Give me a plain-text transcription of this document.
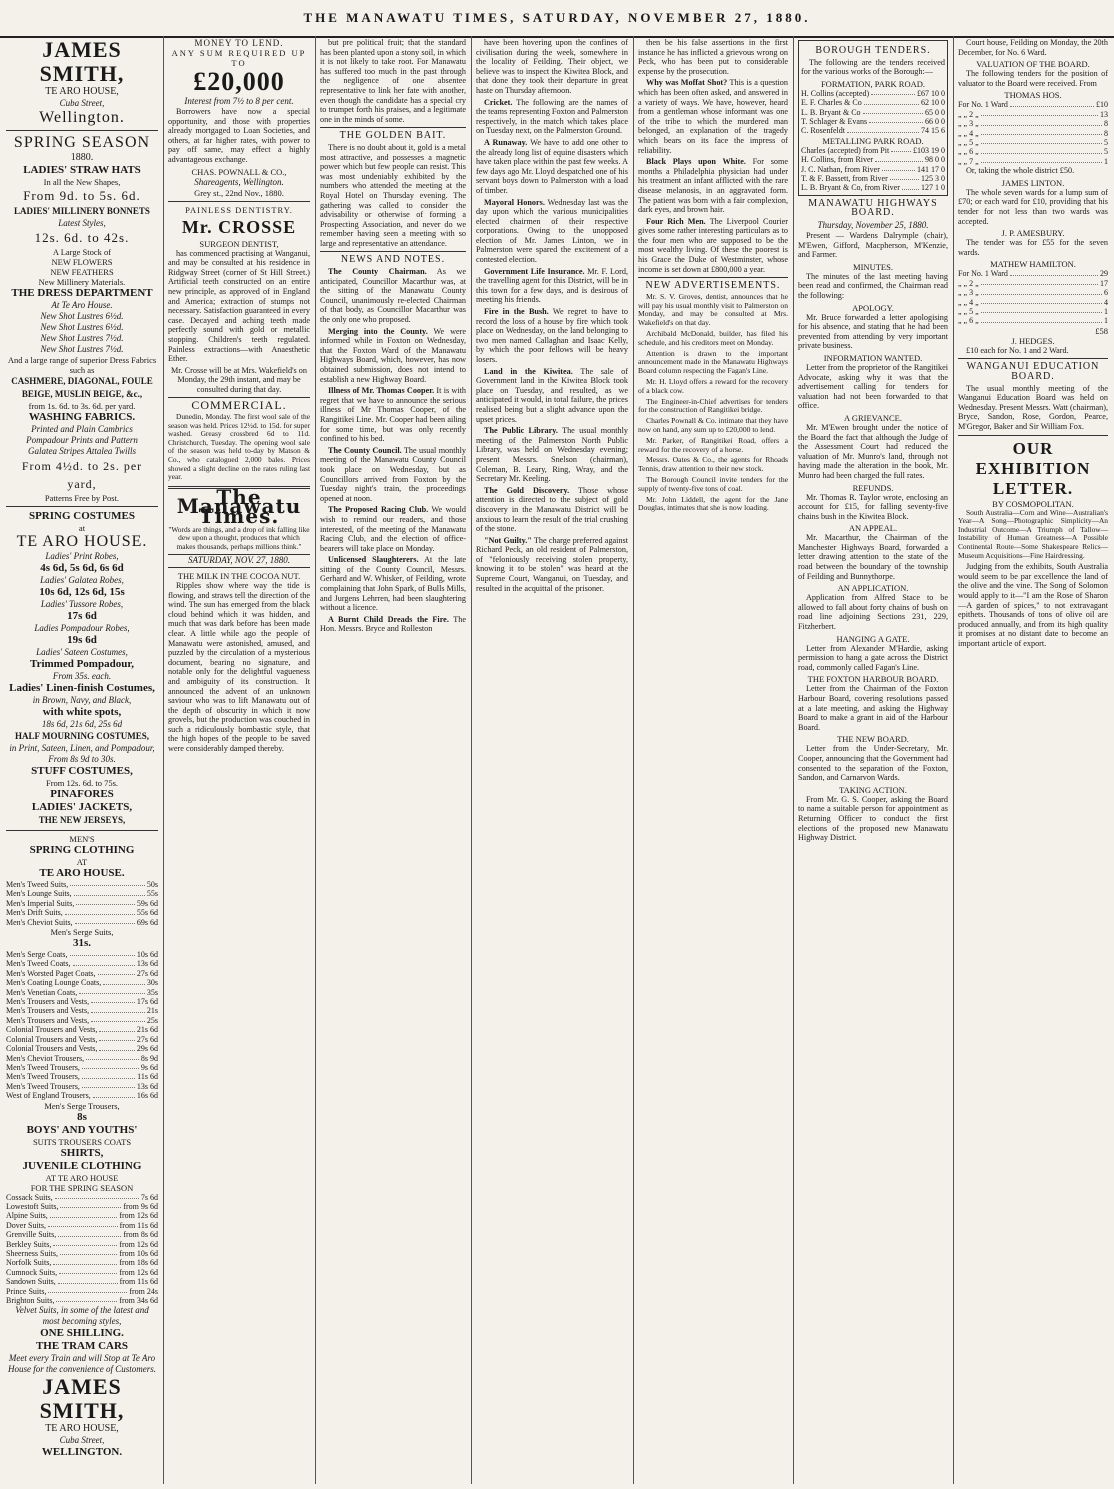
THE MANAWATU TIMES, SATURDAY, NOVEMBER 27, 1880.
JAMES SMITH,
TE ARO HOUSE,
Cuba Street,
Wellington.
SPRING SEASON
1880.
LADIES' STRAW HATS
In all the New Shapes,
From 9d. to 5s. 6d.
LADIES' MILLINERY BONNETS
Latest Styles,
12s. 6d. to 42s.
A Large Stock of
NEW FLOWERS
NEW FEATHERS
New Millinery Materials.
THE DRESS DEPARTMENT
At Te Aro House.
New Shot Lustres 6½d.
New Shot Lustres 6½d.
New Shot Lustres 7½d.
New Shot Lustres 7½d.
And a large range of superior Dress Fabrics such as
CASHMERE, DIAGONAL, FOULE BEIGE, MUSLIN BEIGE, &c.,
from 1s. 6d. to 3s. 6d. per yard.
WASHING FABRICS.
Printed and Plain Cambrics
Pompadour Prints and Pattern
Galatea Stripes Attalea Twills
From 4½d. to 2s. per yard,
Patterns Free by Post.
SPRING COSTUMES
at
TE ARO HOUSE.
Ladies' Print Robes,
4s 6d, 5s 6d, 6s 6d
Ladies' Galatea Robes,
10s 6d, 12s 6d, 15s
Ladies' Tussore Robes,
17s 6d
Ladies Pompadour Robes,
19s 6d
Ladies' Sateen Costumes,
Trimmed Pompadour,
From 35s. each.
Ladies' Linen-finish Costumes,
in Brown, Navy, and Black,
with white spots,
18s 6d, 21s 6d, 25s 6d
HALF MOURNING COSTUMES,
in Print, Sateen, Linen, and Pompadour, From 8s 9d to 30s.
STUFF COSTUMES,
From 12s. 6d. to 75s.
PINAFORES
LADIES' JACKETS,
THE NEW JERSEYS,
MEN'S
SPRING CLOTHING
AT
TE ARO HOUSE.
Men's Tweed Suits,	50s
Men's Lounge Suits,	55s
Men's Imperial Suits,	59s 6d
Men's Drift Suits,	55s 6d
Men's Cheviot Suits,	69s 6d
Men's Serge Suits,
31s.
Men's Serge Coats,	10s 6d
Men's Tweed Coats,	13s 6d
Men's Worsted Paget Coats,	27s 6d
Men's Coating Lounge Coats,	30s
Men's Venetian Coats,	35s
Men's Trousers and Vests,	17s 6d
Men's Trousers and Vests,	21s
Men's Trousers and Vests,	25s
Colonial Trousers and Vests,	21s 6d
Colonial Trousers and Vests,	27s 6d
Colonial Trousers and Vests,	29s 6d
Men's Cheviot Trousers,	8s 9d
Men's Tweed Trousers,	9s 6d
Men's Tweed Trousers,	11s 6d
Men's Tweed Trousers,	13s 6d
West of England Trousers,	16s 6d
Men's Serge Trousers,
8s
BOYS' AND YOUTHS'
SUITS TROUSERS COATS
SHIRTS,
JUVENILE CLOTHING
AT TE ARO HOUSE
FOR THE SPRING SEASON
Cossack Suits,	7s 6d
Lowestoft Suits,	from 9s 6d
Alpine Suits,	from 12s 6d
Dover Suits,	from 11s 6d
Grenville Suits,	from 8s 6d
Berkley Suits,	from 12s 6d
Sheerness Suits,	from 10s 6d
Norfolk Suits,	from 18s 6d
Cumnock Suits,	from 12s 6d
Sandown Suits,	from 11s 6d
Prince Suits,	from 24s
Brighton Suits,	from 34s 6d
Velvet Suits, in some of the latest and most becoming styles,
ONE SHILLING.
THE TRAM CARS
Meet every Train and will Stop at Te Aro House for the convenience of Customers.
JAMES SMITH,
TE ARO HOUSE,
Cuba Street,
WELLINGTON.
MONEY TO LEND.
ANY SUM REQUIRED UP TO
£20,000
Interest from 7½ to 8 per cent.

Borrowers have now a special opportunity, and those with properties already mortgaged to Loan Societies, and others, at far higher rates, with power to pay off same, may effect a highly advantageous exchange.

CHAS. POWNALL & CO.,
Shareagents, Wellington.
Grey st., 22nd Nov., 1880.
PAINLESS DENTISTRY.
Mr. CROSSE
SURGEON DENTIST,

has commenced practising at Wanganui, and may be consulted at his residence in Ridgway Street (corner of St Hill Street.) Artificial teeth constructed on an entire new principle, as approved of in England and America; extraction of stumps not necessary. Satisfaction guaranteed in every case. Decayed and aching teeth made perfectly sound with gold or metallic stopping. Children's teeth regulated. Painless extractions—with Anaesthetic Ether.

Mr. Crosse will be at Mrs. Wakefield's on Monday, the 29th instant, and may be consulted during that day.

COMMERCIAL.

Dunedin, Monday. The first wool sale of the season was held. Prices 12½d. to 15d. for super washed. Greasy crossbred 6d to 11d. Christchurch, Tuesday. The opening wool sale of the season was held to-day by Matson & Co., who catalogued 2,000 bales. Prices showed a slight decline on the rates ruling last year.

The Manawatu Times.

"Words are things, and a drop of ink falling like dew upon a thought, produces that which makes thousands, perhaps millions think."

SATURDAY, NOV. 27, 1880.
THE MILK IN THE COCOA NUT.

Ripples show where way the tide is flowing, and straws tell the direction of the wind. The sun has emerged from the black cloud behind which it was hidden, and much that was dark before has been made clear. A little while ago the people of Manawatu were astonished, amused, and puzzled by the circulation of a mysterious document, bearing no signature, and notable only for the delightful vagueness and ambiguity of its construction. It announced the advent of an unknown saviour who was to lift Manawatu out of the depth of obscurity in which it now grovels, but the production was couched in such a ridiculously bombastic style, that the high hopes of the people to be saved were considerably damped thereby.

but pre political fruit; that the standard has been planted upon a stony soil, in which it is not likely to take root. For Manawatu has suffered too much in the past through the negligence of one absentee representative to link her fate with another, even though the candidate has a special cry to trumpet forth his praises, and a legitimate one in the minds of some.

THE GOLDEN BAIT.

There is no doubt about it, gold is a metal most attractive, and possesses a magnetic power which but few people can resist. This was most undeniably exhibited by the numbers who attended the meeting at the Royal Hotel on Thursday evening. The gathering was called to consider the advisability or otherwise of forming a Prospecting Association, and never do we remember having seen a meeting with so large and representative an attendance.

NEWS AND NOTES.

The County Chairman. As we anticipated, Councillor Macarthur was, at the sitting of the Manawatu County Council, unanimously re-elected Chairman of that body, as Councillor Macarthur was the only one who proposed.

Merging into the County. We were informed while in Foxton on Wednesday, that the Foxton Ward of the Manawatu Highways Board, which, however, has now obtained submission, does not intend to establish a new Highway Board.

Illness of Mr. Thomas Cooper. It is with regret that we have to announce the serious illness of Mr Thomas Cooper, of the Rangitikei Line. Mr. Cooper had been ailing for some time, but was only recently confined to his bed.

The County Council. The usual monthly meeting of the Manawatu County Council took place on Wednesday, but as Councillors arrived from Foxton by the Tuesday night's train, the proceedings opened at noon.

The Proposed Racing Club. We would wish to remind our readers, and those interested, of the meeting of the Manawatu Racing Club, and the election of office-bearers will take place on Monday.

Unlicensed Slaughterers. At the late sitting of the County Council, Messrs. Gerhard and W. Whisker, of Feilding, wrote complaining that John Spark, of Bulls Mills, and Jurgens Lehrren, had been slaughtering without a licence.

A Burnt Child Dreads the Fire. The Hon. Messrs. Bryce and Rolleston

have been hovering upon the confines of civilisation during the week, somewhere in the locality of Feilding. Their object, we believe was to inspect the Kiwitea Block, and that done they took their departure in great haste on Thursday afternoon.

Cricket. The following are the names of the teams representing Foxton and Palmerston respectively, in the match which takes place on Tuesday next, on the Palmerston Ground.

A Runaway. We have to add one other to the already long list of equine disasters which have taken place within the past few weeks. A few days ago Mr. Lloyd despatched one of his servant boys down to Palmerston with a load of timber.

Mayoral Honors. Wednesday last was the day upon which the various municipalities elected chairmen of their respective corporations. Owing to the unopposed election of Mr. James Linton, we in Palmerston were spared the excitement of a contested election.

Government Life Insurance. Mr. F. Lord, the travelling agent for this District, will be in this town for a few days, and is desirous of meeting his friends.

Fire in the Bush. We regret to have to record the loss of a house by fire which took place on Wednesday, on the land belonging to two men named Callaghan and Isaac Kelly, by which the poor fellows will be heavy losers.

Land in the Kiwitea. The sale of Government land in the Kiwitea Block took place on Tuesday, and resulted, as we anticipated it would, in total failure, the prices realised being but a slight advance upon the upset prices.

The Public Library. The usual monthly meeting of the Palmerston North Public Library, was held on Wednesday evening; present Messrs. Snelson (chairman), Coleman, B. Leary, Ring, Wray, and the Secretary Mr. Keeling.

The Gold Discovery. Those whose attention is directed to the subject of gold discovery in the Manawatu District will be anxious to learn the result of the trial crushing of the stone.

"Not Guilty." The charge preferred against Richard Peck, an old resident of Palmerston, of "feloniously receiving stolen property, knowing it to be stolen" was heard at the Supreme Court, Wanganui, on Tuesday, and resulted in the acquittal of the prisoner.

then be his false assertions in the first instance he has inflicted a grievous wrong on Peck, who has been put to considerable expense by the prosecution.

Why was Moffat Shot? This is a question which has been often asked, and answered in a variety of ways. We have, however, heard from a gentleman whose informant was one of the tribe to which the murdered man belonged, an explanation of the tragedy which bears on its face the impress of reliability.

Black Plays upon White. For some months a Philadelphia physician had under his treatment an infant afflicted with the rare disease melanosis, in an aggravated form. The patient was born with a fair complexion, dark eyes, and brown hair.

Four Rich Men. The Liverpool Courier gives some rather interesting particulars as to the four men who are supposed to be the most wealthy living. Of these the poorest is his Grace the Duke of Westminster, whose income is set down at £800,000 a year.

NEW ADVERTISEMENTS.

Mr. S. V. Groves, dentist, announces that he will pay his usual monthly visit to Palmerston on Monday, and may be consulted at Mrs. Wakefield's on that day.

Archibald McDonald, builder, has filed his schedule, and his creditors meet on Monday.

Attention is drawn to the important announcement made in the Manawatu Highways Board column respecting the Fagan's Line.

Mr. H. Lloyd offers a reward for the recovery of a black cow.

The Engineer-in-Chief advertises for tenders for the construction of Rangitikei bridge.

Charles Pownall & Co. intimate that they have now on hand, any sum up to £20,000 to lend.

Mr. Parker, of Rangitikei Road, offers a reward for the recovery of a horse.

Messrs. Oates & Co., the agents for Rhoads Tennis, draw attention to their new stock.

The Borough Council invite tenders for the supply of twenty-five tons of coal.

Mr. John Liddell, the agent for the Jane Douglas, intimates that she is now loading.

BOROUGH TENDERS.

The following are the tenders received for the various works of the Borough:—

FORMATION, PARK ROAD.
H. Collins (accepted)	£67 10 0
E. F. Charles & Co	62 10 0
L. B. Bryant & Co	65 0 0
T. Schlager & Evans	66 0 0
C. Rosenfeldt	74 15 6
METALLING PARK ROAD.
Charles (accepted) from Pit	£103 19 0
H. Collins, from River	98 0 0
J. C. Nathan, from River	141 17 0
T. & F. Bassett, from River	125 3 0
L. B. Bryant & Co, from River	127 1 0
MANAWATU HIGHWAYS BOARD.
Thursday, November 25, 1880.

Present — Wardens Dalrymple (chair), M'Ewen, Gifford, Macpherson, M'Kenzie, and Farmer.

MINUTES.

The minutes of the last meeting having been read and confirmed, the Chairman read the following:

APOLOGY.

Mr. Bruce forwarded a letter apologising for his absence, and stating that he had been prevented from attending by very important private business.

INFORMATION WANTED.

Letter from the proprietor of the Rangitikei Advocate, asking why it was that the advertisement calling for tenders for valuation had not been forwarded to that office.

A GRIEVANCE.

Mr. M'Ewen brought under the notice of the Board the fact that although the Judge of the Assessment Court had reduced the valuation of Mr. Munro's land, through not having made the alteration in the book, Mr. Munro had been charged the full rates.

REFUNDS.

Mr. Thomas R. Taylor wrote, enclosing an account for £15, for falling seventy-five chains bush in the Kiwitea Block.

AN APPEAL.

Mr. Macarthur, the Chairman of the Manchester Highways Board, forwarded a letter drawing attention to the state of the road between the boundary of the township of Feilding and Bunnythorpe.

AN APPLICATION.

Application from Alfred Stace to be allowed to fall about forty chains of bush on road line adjoining Sections 231, 229, Fitzherbert.

HANGING A GATE.

Letter from Alexander M'Hardie, asking permission to hang a gate across the District road, commonly called Fagan's Line.

THE FOXTON HARBOUR BOARD.

Letter from the Chairman of the Foxton Harbour Board, covering resolutions passed at a late meeting, and asking the Highway Board to make a grant in aid of the Harbour Board.

THE NEW BOARD.

Letter from the Under-Secretary, Mr. Cooper, announcing that the Government had consented to the separation of the Foxton, Sandon, and Carnarvon Wards.

TAKING ACTION.

From Mr. G. S. Cooper, asking the Board to name a suitable person for appointment as Returning Officer to conduct the first elections of the proposed new Manawatu Highway District.

Court house, Feilding on Monday, the 20th December, for No. 6 Ward.

VALUATION OF THE BOARD.

The following tenders for the position of valuator to the Board were received. From

THOMAS HOS.
For No. 1 Ward	£10
„ „ 2 „	13
„ „ 3 „	8
„ „ 4 „	8
„ „ 5 „	5
„ „ 6 „	5
„ „ 7 „	1

Or, taking the whole district £50.

JAMES LINTON.

The whole seven wards for a lump sum of £70; or each ward for £10, providing that his tender for not less than two wards was accepted.

J. P. AMESBURY.

The tender was for £55 for the seven wards.

MATHEW HAMILTON.
For No. 1 Ward	29
„ „ 2 „	17
„ „ 3 „	6
„ „ 4 „	4
„ „ 5 „	1
„ „ 6 „	1
£58
J. HEDGES.

£10 each for No. 1 and 2 Ward.

WANGANUI EDUCATION BOARD.

The usual monthly meeting of the Wanganui Education Board was held on Wednesday. Present Messrs. Watt (chairman), Bryce, Sandon, Rose, Gordon, Pearce, M'Gregor, Baker and Sir William Fox.

OUR EXHIBITION LETTER.
BY COSMOPOLITAN.

South Australia—Corn and Wine—Australian's Year—A Song—Photographic Simplicity—An Industrial Outcome—A Triumph of Tallow—Instability of Human Greatness—A Possible Continental Route—Some Shakespeare Relics—Museum Acquisitions—Fine Hairdressing.

Judging from the exhibits, South Australia would seem to be par excellence the land of the olive and the vine. The Song of Solomon would apply to it—"I am the Rose of Sharon—A garden of spices," to not extravagant epithets. Thousands of tons of olive oil are produced annually, and from its high quality it promises at no distant date to become an important article of export.
